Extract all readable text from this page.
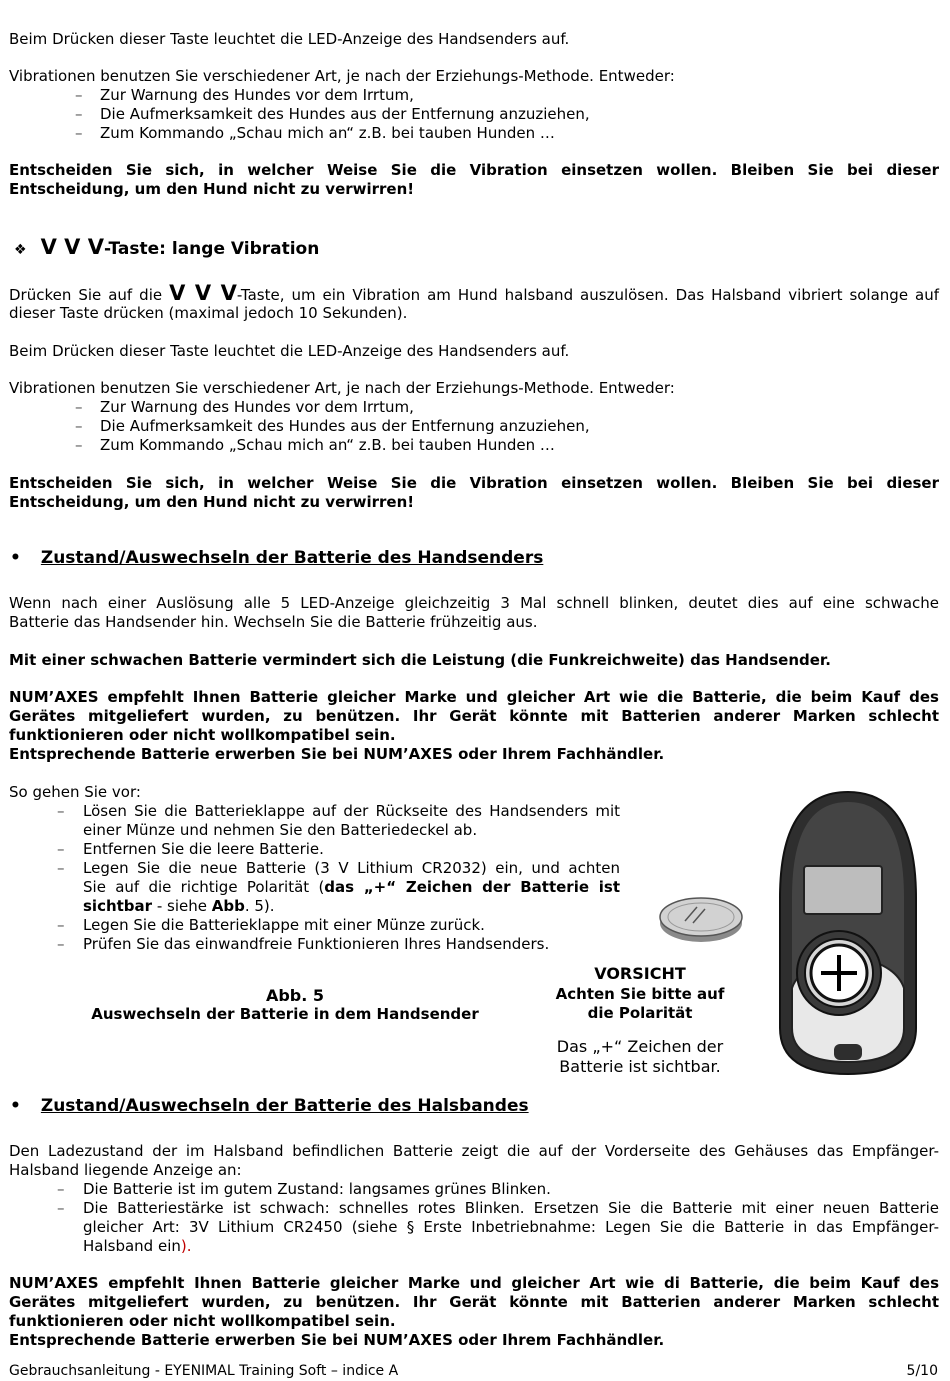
Beim Drücken dieser Taste leuchtet die LED-Anzeige des Handsenders auf.
Vibrationen benutzen Sie verschiedener Art, je nach der Erziehungs-Methode. Entweder:
– Zur Warnung des Hundes vor dem Irrtum,
– Die Aufmerksamkeit des Hundes aus der Entfernung anzuziehen,
– Zum Kommando „Schau mich an“ z.B. bei tauben Hunden …
Entscheiden Sie sich, in welcher Weise Sie die Vibration einsetzen wollen. Bleiben Sie bei dieser
Entscheidung, um den Hund nicht zu verwirren!
❖ V V V-Taste: lange Vibration
Drücken Sie auf die V V V-Taste, um ein Vibration am Hund halsband auszulösen. Das Halsband vibriert solange auf
dieser Taste drücken (maximal jedoch 10 Sekunden).
Beim Drücken dieser Taste leuchtet die LED-Anzeige des Handsenders auf.
Vibrationen benutzen Sie verschiedener Art, je nach der Erziehungs-Methode. Entweder:
– Zur Warnung des Hundes vor dem Irrtum,
– Die Aufmerksamkeit des Hundes aus der Entfernung anzuziehen,
– Zum Kommando „Schau mich an“ z.B. bei tauben Hunden …
Entscheiden Sie sich, in welcher Weise Sie die Vibration einsetzen wollen. Bleiben Sie bei dieser
Entscheidung, um den Hund nicht zu verwirren!
• Zustand/Auswechseln der Batterie des Handsenders
Wenn nach einer Auslösung alle 5 LED-Anzeige gleichzeitig 3 Mal schnell blinken, deutet dies auf eine schwache
Batterie das Handsender hin. Wechseln Sie die Batterie frühzeitig aus.
Mit einer schwachen Batterie vermindert sich die Leistung (die Funkreichweite) das Handsender.
NUM’AXES empfehlt Ihnen Batterie gleicher Marke und gleicher Art wie die Batterie, die beim Kauf des
Gerätes mitgeliefert wurden, zu benützen. Ihr Gerät könnte mit Batterien anderer Marken schlecht
funktionieren oder nicht wollkompatibel sein.
Entsprechende Batterie erwerben Sie bei NUM’AXES oder Ihrem Fachhändler.
So gehen Sie vor:
– Lösen Sie die Batterieklappe auf der Rückseite des Handsenders mit
einer Münze und nehmen Sie den Batteriedeckel ab.
– Entfernen Sie die leere Batterie.
– Legen Sie die neue Batterie (3 V Lithium CR2032) ein, und achten
Sie auf die richtige Polarität (das „+“ Zeichen der Batterie ist
sichtbar - siehe Abb. 5).
– Legen Sie die Batterieklappe mit einer Münze zurück.
– Prüfen Sie das einwandfreie Funktionieren Ihres Handsenders.
Abb. 5
Auswechseln der Batterie in dem Handsender
VORSICHT
Achten Sie bitte auf
die Polarität
Das „+“ Zeichen der
Batterie ist sichtbar.
• Zustand/Auswechseln der Batterie des Halsbandes
Den Ladezustand der im Halsband befindlichen Batterie zeigt die auf der Vorderseite des Gehäuses das Empfänger-
Halsband liegende Anzeige an:
– Die Batterie ist im gutem Zustand: langsames grünes Blinken.
– Die Batteriestärke ist schwach: schnelles rotes Blinken. Ersetzen Sie die Batterie mit einer neuen Batterie
gleicher Art: 3V Lithium CR2450 (siehe § Erste Inbetriebnahme: Legen Sie die Batterie in das Empfänger-
Halsband ein).
NUM’AXES empfehlt Ihnen Batterie gleicher Marke und gleicher Art wie di Batterie, die beim Kauf des
Gerätes mitgeliefert wurden, zu benützen. Ihr Gerät könnte mit Batterien anderer Marken schlecht
funktionieren oder nicht wollkompatibel sein.
Entsprechende Batterie erwerben Sie bei NUM’AXES oder Ihrem Fachhändler.
Gebrauchsanleitung - EYENIMAL Training Soft – indice A	5/10
